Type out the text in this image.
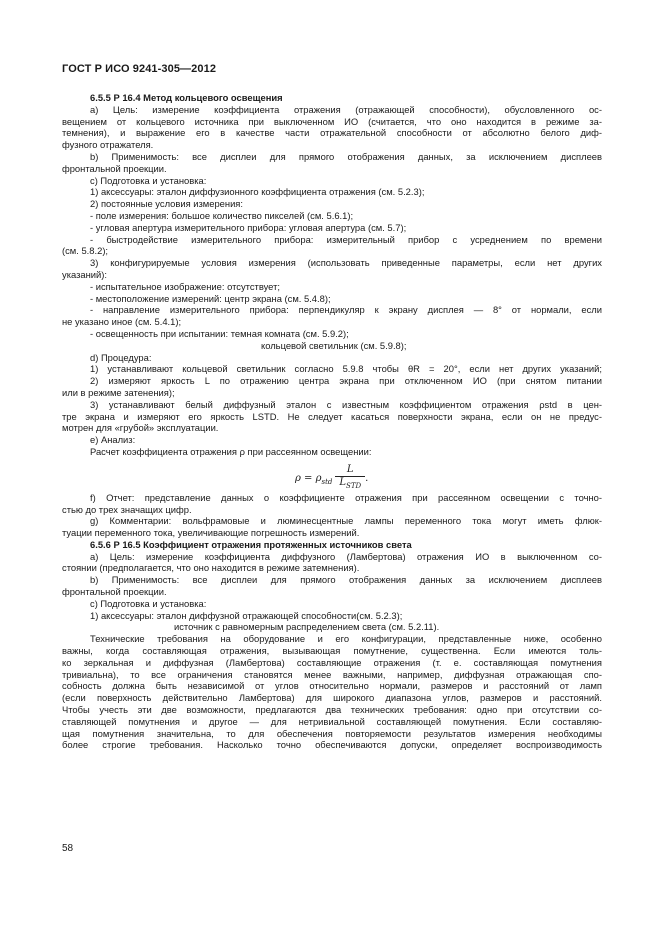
ГОСТ Р ИСО 9241-305—2012
6.5.5 Р 16.4 Метод кольцевого освещения
а) Цель: измерение коэффициента отражения (отражающей способности), обусловленного ос-
вещением от кольцевого источника при выключенном ИО (считается, что оно находится в режиме за-
темнения), и выражение его в качестве части отражательной способности от абсолютно белого диф-
фузного отражателя.
b) Применимость: все дисплеи для прямого отображения данных, за исключением дисплеев
фронтальной проекции.
c) Подготовка и установка:
1) аксессуары: эталон диффузионного коэффициента отражения (см. 5.2.3);
2) постоянные условия измерения:
- поле измерения: большое количество пикселей (см. 5.6.1);
- угловая апертура измерительного прибора: угловая апертура (см. 5.7);
- быстродействие измерительного прибора: измерительный прибор с усреднением по времени
(см. 5.8.2);
3) конфигурируемые условия измерения (использовать приведенные параметры, если нет других
указаний):
- испытательное изображение: отсутствует;
- местоположение измерений: центр экрана (см. 5.4.8);
- направление измерительного прибора: перпендикуляр к экрану дисплея — 8° от нормали, если
не указано иное (см. 5.4.1);
- освещенность при испытании: темная комната (см. 5.9.2);
кольцевой светильник (см. 5.9.8);
d) Процедура:
1) устанавливают кольцевой светильник согласно 5.9.8 чтобы θR = 20°, если нет других указаний;
2) измеряют яркость L по отражению центра экрана при отключенном ИО (при снятом питании
или в режиме затенения);
3) устанавливают белый диффузный эталон с известным коэффициентом отражения ρstd в цен-
тре экрана и измеряют его яркость LSTD. Не следует касаться поверхности экрана, если он не предус-
мотрен для «грубой» эксплуатации.
e) Анализ:
Расчет коэффициента отражения ρ при рассеянном освещении:
$\rho = \rho_{std} \frac{L}{L_{STD}}$ .
f) Отчет: представление данных о коэффициенте отражения при рассеянном освещении с точно-
стью до трех значащих цифр.
g) Комментарии: вольфрамовые и люминесцентные лампы переменного тока могут иметь флюк-
туации переменного тока, увеличивающие погрешность измерений.
6.5.6 Р 16.5 Коэффициент отражения протяженных источников света
а) Цель: измерение коэффициента диффузного (Ламбертова) отражения ИО в выключенном со-
стоянии (предполагается, что оно находится в режиме затемнения).
b) Применимость: все дисплеи для прямого отображения данных за исключением дисплеев
фронтальной проекции.
c) Подготовка и установка:
1) аксессуары: эталон диффузной отражающей способности(см. 5.2.3);
источник с равномерным распределением света (см. 5.2.11).
Технические требования на оборудование и его конфигурации, представленные ниже, особенно
важны, когда составляющая отражения, вызывающая помутнение, существенна. Если имеются толь-
ко зеркальная и диффузная (Ламбертова) составляющие отражения (т. е. составляющая помутнения
тривиальна), то все ограничения становятся менее важными, например, диффузная отражающая спо-
собность должна быть независимой от углов относительно нормали, размеров и расстояний от ламп
(если поверхность действительно Ламбертова) для широкого диапазона углов, размеров и расстояний.
Чтобы учесть эти две возможности, предлагаются два технических требования: одно при отсутствии со-
ставляющей помутнения и другое — для нетривиальной составляющей помутнения. Если составляю-
щая помутнения значительна, то для обеспечения повторяемости результатов измерения необходимы
более строгие требования. Насколько точно обеспечиваются допуски, определяет воспроизводимость
58
